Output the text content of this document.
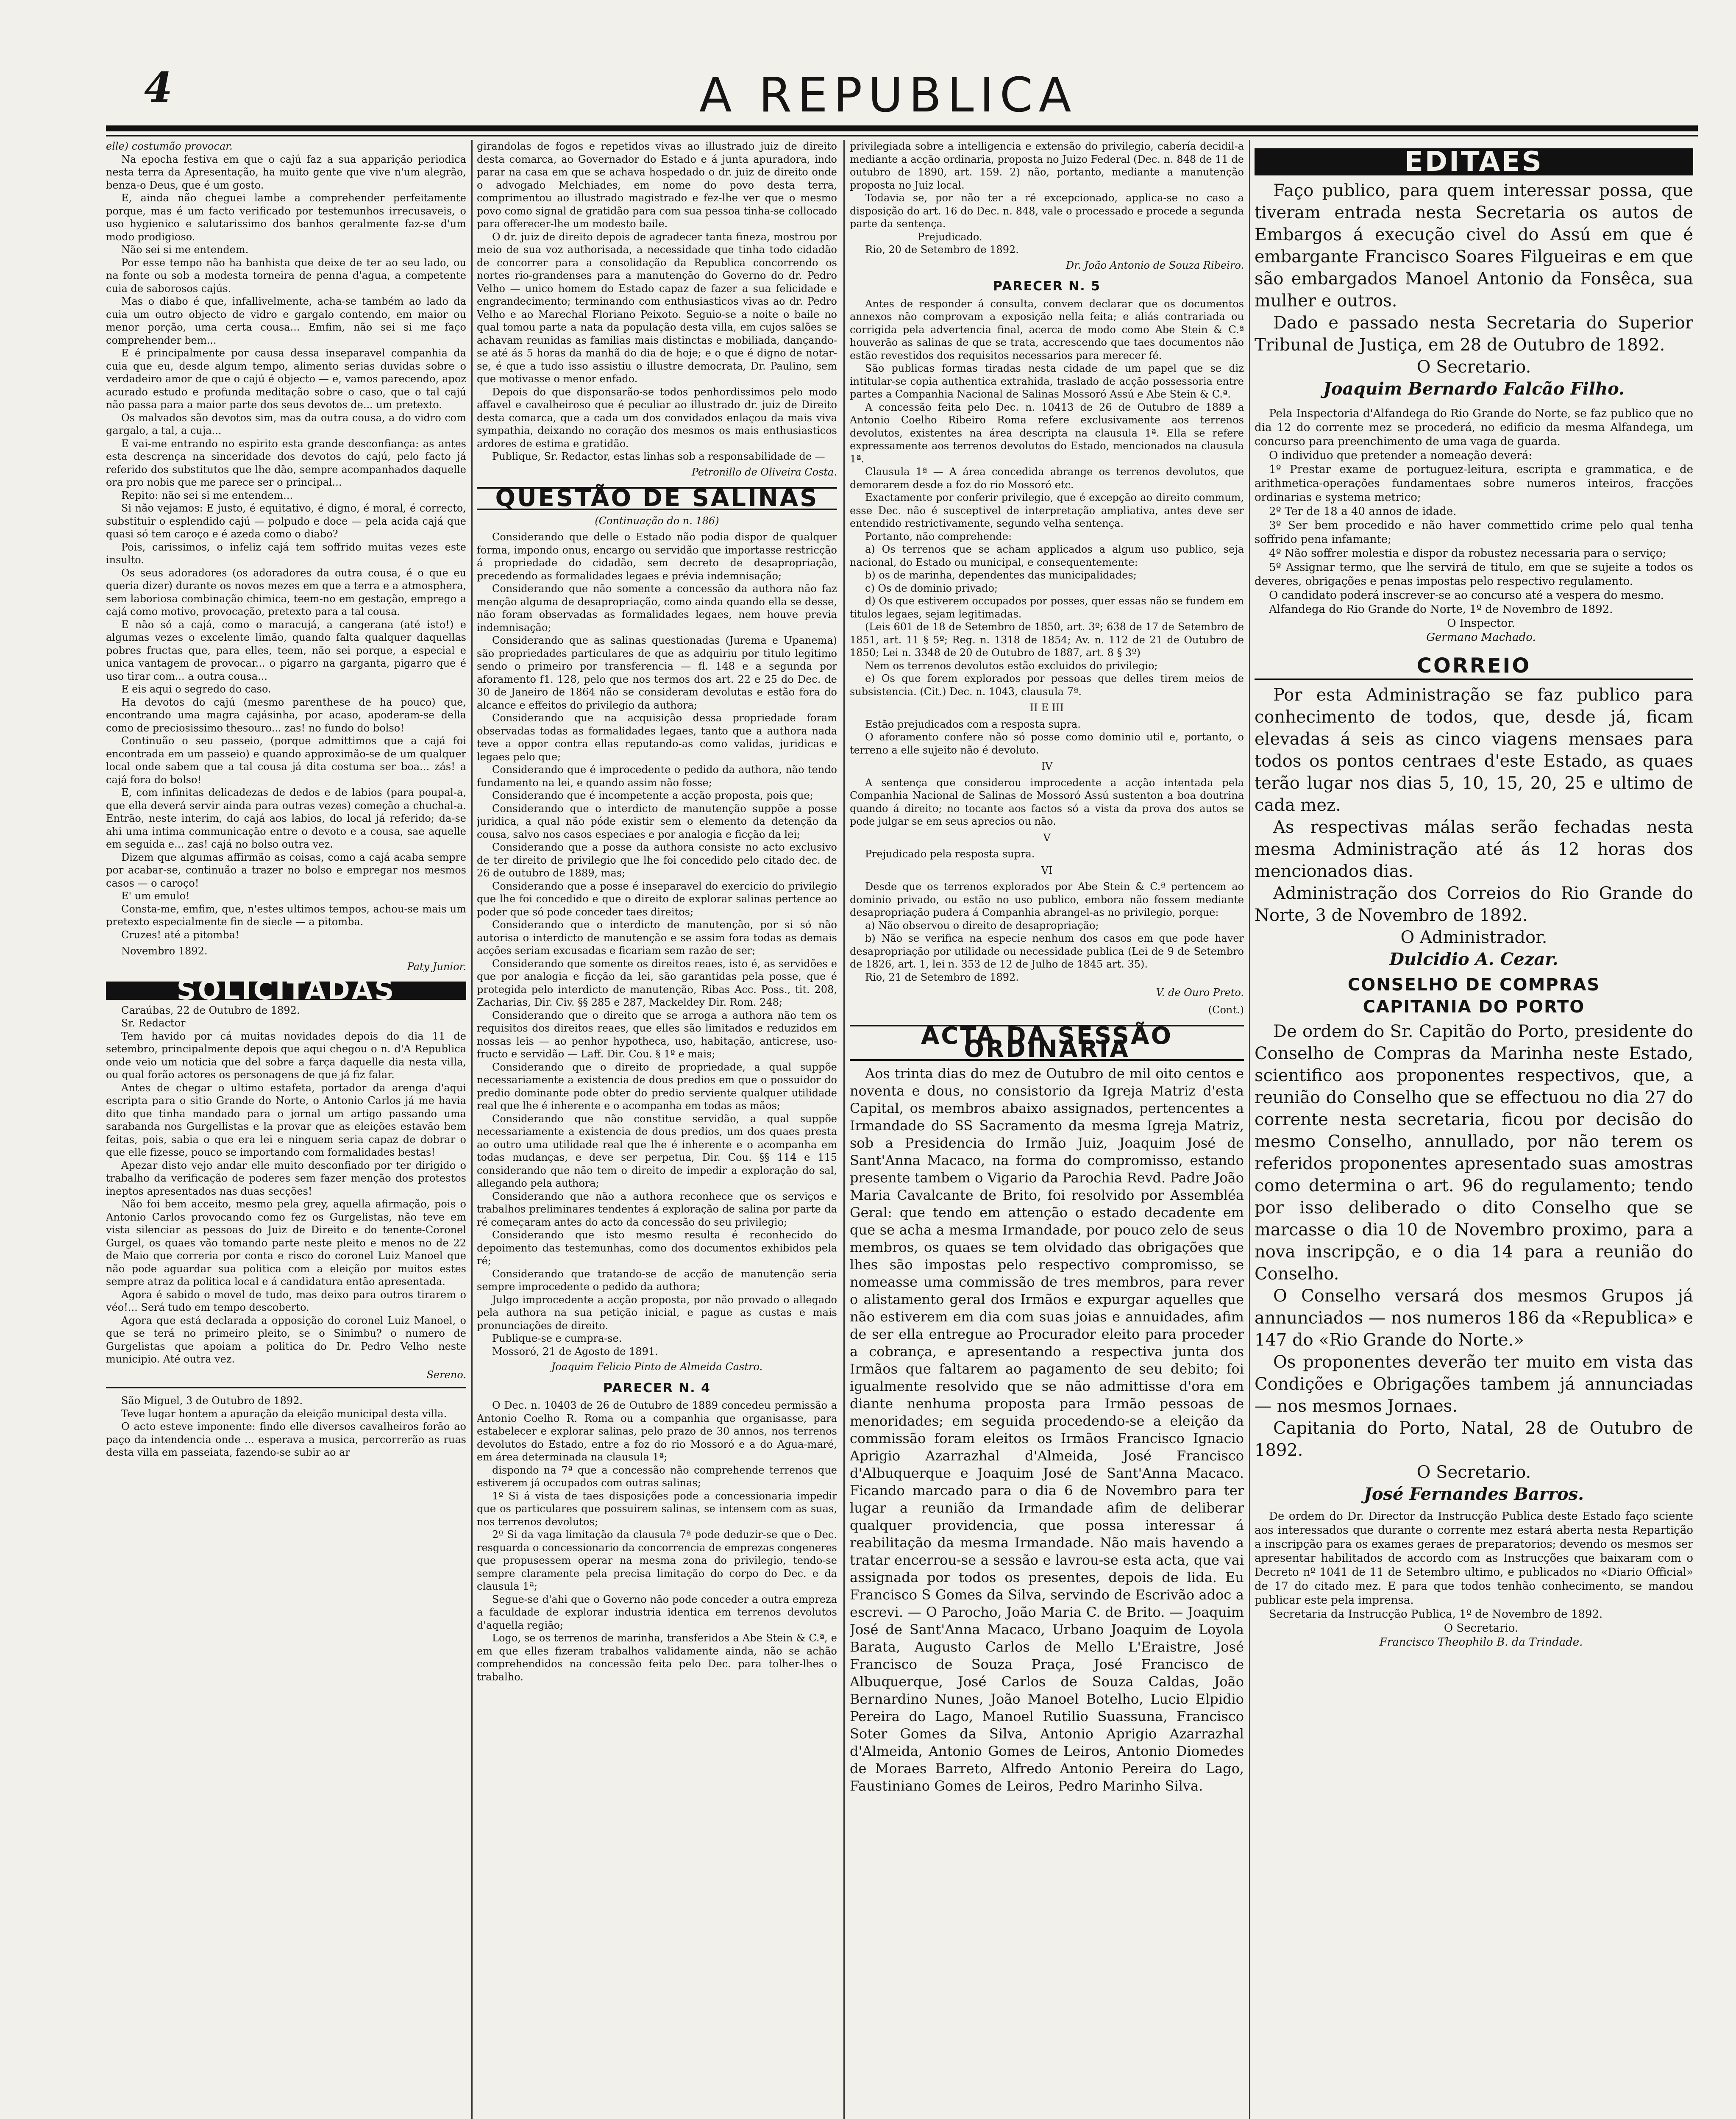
4	A REPUBLICA

elle) costumão provocar.

Na epocha festiva em que o cajú faz a sua apparição periodica nesta terra da Apresentação, ha muito gente que vive n'um alegrão, benza-o Deus, que é um gosto.

E, ainda não cheguei lambe a comprehender perfeitamente porque, mas é um facto verificado por testemunhos irrecusaveis, o uso hygienico e salutarissimo dos banhos geralmente faz-se d'um modo prodigioso.

Não sei si me entendem.

Por esse tempo não ha banhista que deixe de ter ao seu lado, ou na fonte ou sob a modesta torneira de penna d'agua, a competente cuia de saborosos cajús.

Mas o diabo é que, infallivelmente, acha-se também ao lado da cuia um outro objecto de vidro e gargalo contendo, em maior ou menor porção, uma certa cousa... Emfim, não sei si me faço comprehender bem...

E é principalmente por causa dessa inseparavel companhia da cuia que eu, desde algum tempo, alimento serias duvidas sobre o verdadeiro amor de que o cajú é objecto — e, vamos parecendo, apoz acurado estudo e profunda meditação sobre o caso, que o tal cajú não passa para a maior parte dos seus devotos de... um pretexto.

Os malvados são devotos sim, mas da outra cousa, a do vidro com gargalo, a tal, a cuja...

E vai-me entrando no espirito esta grande desconfiança: as antes esta descrença na sinceridade dos devotos do cajú, pelo facto já referido dos substitutos que lhe dão, sempre acompanhados daquelle ora pro nobis que me parece ser o principal...

Repito: não sei si me entendem...

Si não vejamos: E justo, é equitativo, é digno, é moral, é correcto, substituir o esplendido cajú — polpudo e doce — pela acida cajá que quasi só tem caroço e é azeda como o diabo?

Pois, carissimos, o infeliz cajá tem soffrido muitas vezes este insulto.

Os seus adoradores (os adoradores da outra cousa, é o que eu queria dizer) durante os novos mezes em que a terra e a atmosphera, sem laboriosa combinação chimica, teem-no em gestação, emprego a cajá como motivo, provocação, pretexto para a tal cousa.

E não só a cajá, como o maracujá, a cangerana (até isto!) e algumas vezes o excelente limão, quando falta qualquer daquellas pobres fructas que, para elles, teem, não sei porque, a especial e unica vantagem de provocar... o pigarro na garganta, pigarro que é uso tirar com... a outra cousa...

E eis aqui o segredo do caso.

Ha devotos do cajú (mesmo parenthese de ha pouco) que, encontrando uma magra cajásinha, por acaso, apoderam-se della como de preciosissimo thesouro... zas! no fundo do bolso!

Continuão o seu passeio, (porque admittimos que a cajá foi encontrada em um passeio) e quando approximão-se de um qualquer local onde sabem que a tal cousa já dita costuma ser boa... zás! a cajá fora do bolso!

E, com infinitas delicadezas de dedos e de labios (para poupal-a, que ella deverá servir ainda para outras vezes) começão a chuchal-a. Entrão, neste interim, do cajá aos labios, do local já referido; da-se ahi uma intima communicação entre o devoto e a cousa, sae aquelle em seguida e... zas! cajá no bolso outra vez.

Dizem que algumas affirmão as coisas, como a cajá acaba sempre por acabar-se, continuão a trazer no bolso e empregar nos mesmos casos — o caroço!

E' um emulo!

Consta-me, emfim, que, n'estes ultimos tempos, achou-se mais um pretexto especialmente fin de siecle — a pitomba.

Cruzes! até a pitomba!

Novembro 1892.

Paty Junior.
SOLICITADAS

Caraúbas, 22 de Outubro de 1892.

Sr. Redactor

Tem havido por cá muitas novidades depois do dia 11 de setembro, principalmente depois que aqui chegou o n. d'A Republica onde veio um noticia que del sobre a farça daquelle dia nesta villa, ou qual forão actores os personagens de que já fiz falar.

Antes de chegar o ultimo estafeta, portador da arenga d'aqui escripta para o sitio Grande do Norte, o Antonio Carlos já me havia dito que tinha mandado para o jornal um artigo passando uma sarabanda nos Gurgellistas e la provar que as eleições estavão bem feitas, pois, sabia o que era lei e ninguem seria capaz de dobrar o que elle fizesse, pouco se importando com formalidades bestas!

Apezar disto vejo andar elle muito desconfiado por ter dirigido o trabalho da verificação de poderes sem fazer menção dos protestos ineptos apresentados nas duas secções!

Não foi bem acceito, mesmo pela grey, aquella afirmação, pois o Antonio Carlos provocando como fez os Gurgelistas, não teve em vista silenciar as pessoas do Juiz de Direito e do tenente-Coronel Gurgel, os quaes vão tomando parte neste pleito e menos no de 22 de Maio que correria por conta e risco do coronel Luiz Manoel que não pode aguardar sua politica com a eleição por muitos estes sempre atraz da politica local e á candidatura então apresentada.

Agora é sabido o movel de tudo, mas deixo para outros tirarem o véo!... Será tudo em tempo descoberto.

Agora que está declarada a opposição do coronel Luiz Manoel, o que se terá no primeiro pleito, se o Sinimbu? o numero de Gurgelistas que apoiam a politica do Dr. Pedro Velho neste municipio. Até outra vez.

Sereno.

São Miguel, 3 de Outubro de 1892.

Teve lugar hontem a apuração da eleição municipal desta villa.

O acto esteve imponente: findo elle diversos cavalheiros forão ao paço da intendencia onde ... esperava a musica, percorrerão as ruas desta villa em passeiata, fazendo-se subir ao ar

girandolas de fogos e repetidos vivas ao illustrado juiz de direito desta comarca, ao Governador do Estado e á junta apuradora, indo parar na casa em que se achava hospedado o dr. juiz de direito onde o advogado Melchiades, em nome do povo desta terra, comprimentou ao illustrado magistrado e fez-lhe ver que o mesmo povo como signal de gratidão para com sua pessoa tinha-se collocado para offerecer-lhe um modesto baile.

O dr. juiz de direito depois de agradecer tanta fineza, mostrou por meio de sua voz authorisada, a necessidade que tinha todo cidadão de concorrer para a consolidação da Republica concorrendo os nortes rio-grandenses para a manutenção do Governo do dr. Pedro Velho — unico homem do Estado capaz de fazer a sua felicidade e engrandecimento; terminando com enthusiasticos vivas ao dr. Pedro Velho e ao Marechal Floriano Peixoto. Seguio-se a noite o baile no qual tomou parte a nata da população desta villa, em cujos salões se achavam reunidas as familias mais distinctas e mobiliada, dançando-se até ás 5 horas da manhã do dia de hoje; e o que é digno de notar-se, é que a tudo isso assistiu o illustre democrata, Dr. Paulino, sem que motivasse o menor enfado.

Depois do que disponsarão-se todos penhordissimos pelo modo affavel e cavalheiroso que é peculiar ao illustrado dr. juiz de Direito desta comarca, que a cada um dos convidados enlaçou da mais viva sympathia, deixando no coração dos mesmos os mais enthusiasticos ardores de estima e gratidão.

Publique, Sr. Redactor, estas linhas sob a responsabilidade de —

Petronillo de Oliveira Costa.
QUESTÃO DE SALINAS
(Continuação do n. 186)

Considerando que delle o Estado não podia dispor de qualquer forma, impondo onus, encargo ou servidão que importasse restricção á propriedade do cidadão, sem decreto de desapropriação, precedendo as formalidades legaes e prévia indemnisação;

Considerando que não somente a concessão da authora não faz menção alguma de desapropriação, como ainda quando ella se desse, não foram observadas as formalidades legaes, nem houve previa indemnisação;

Considerando que as salinas questionadas (Jurema e Upanema) são propriedades particulares de que as adquiriu por titulo legitimo sendo o primeiro por transferencia — fl. 148 e a segunda por aforamento f1. 128, pelo que nos termos dos art. 22 e 25 do Dec. de 30 de Janeiro de 1864 não se consideram devolutas e estão fora do alcance e effeitos do privilegio da authora;

Considerando que na acquisição dessa propriedade foram observadas todas as formalidades legaes, tanto que a authora nada teve a oppor contra ellas reputando-as como validas, juridicas e legaes pelo que;

Considerando que é improcedente o pedido da authora, não tendo fundamento na lei, e quando assim não fosse;

Considerando que é incompetente a acção proposta, pois que;

Considerando que o interdicto de manutenção suppõe a posse juridica, a qual não póde existir sem o elemento da detenção da cousa, salvo nos casos especiaes e por analogia e ficção da lei;

Considerando que a posse da authora consiste no acto exclusivo de ter direito de privilegio que lhe foi concedido pelo citado dec. de 26 de outubro de 1889, mas;

Considerando que a posse é inseparavel do exercicio do privilegio que lhe foi concedido e que o direito de explorar salinas pertence ao poder que só pode conceder taes direitos;

Considerando que o interdicto de manutenção, por si só não autorisa o interdicto de manutenção e se assim fora todas as demais acções seriam excusadas e ficariam sem razão de ser;

Considerando que somente os direitos reaes, isto é, as servidões e que por analogia e ficção da lei, são garantidas pela posse, que é protegida pelo interdicto de manutenção, Ribas Acc. Poss., tit. 208, Zacharias, Dir. Civ. §§ 285 e 287, Mackeldey Dir. Rom. 248;

Considerando que o direito que se arroga a authora não tem os requisitos dos direitos reaes, que elles são limitados e reduzidos em nossas leis — ao penhor hypotheca, uso, habitação, anticrese, uso-fructo e servidão — Laff. Dir. Cou. § 1º e mais;

Considerando que o direito de propriedade, a qual suppõe necessariamente a existencia de dous predios em que o possuidor do predio dominante pode obter do predio serviente qualquer utilidade real que lhe é inherente e o acompanha em todas as mãos;

Considerando que não constitue servidão, a qual suppõe necessariamente a existencia de dous predios, um dos quaes presta ao outro uma utilidade real que lhe é inherente e o acompanha em todas mudanças, e deve ser perpetua, Dir. Cou. §§ 114 e 115 considerando que não tem o direito de impedir a exploração do sal, allegando pela authora;

Considerando que não a authora reconhece que os serviços e trabalhos preliminares tendentes á exploração de salina por parte da ré começaram antes do acto da concessão do seu privilegio;

Considerando que isto mesmo resulta é reconhecido do depoimento das testemunhas, como dos documentos exhibidos pela ré;

Considerando que tratando-se de acção de manutenção seria sempre improcedente o pedido da authora;

Julgo improcedente a acção proposta, por não provado o allegado pela authora na sua petição inicial, e pague as custas e mais pronunciações de direito.

Publique-se e cumpra-se.

Mossoró, 21 de Agosto de 1891.

Joaquim Felicio Pinto de Almeida Castro.
PARECER N. 4

O Dec. n. 10403 de 26 de Outubro de 1889 concedeu permissão a Antonio Coelho R. Roma ou a companhia que organisasse, para estabelecer e explorar salinas, pelo prazo de 30 annos, nos terrenos devolutos do Estado, entre a foz do rio Mossoró e a do Agua-maré, em área determinada na clausula 1ª;

dispondo na 7ª que a concessão não comprehende terrenos que estiverem já occupados com outras salinas;

1º Si á vista de taes disposições pode a concessionaria impedir que os particulares que possuirem salinas, se intensem com as suas, nos terrenos devolutos;

2º Si da vaga limitação da clausula 7ª pode deduzir-se que o Dec. resguarda o concessionario da concorrencia de emprezas congeneres que propusessem operar na mesma zona do privilegio, tendo-se sempre claramente pela precisa limitação do corpo do Dec. e da clausula 1ª;

Segue-se d'ahi que o Governo não pode conceder a outra empreza a faculdade de explorar industria identica em terrenos devolutos d'aquella região;

Logo, se os terrenos de marinha, transferidos a Abe Stein & C.ª, e em que elles fizeram trabalhos validamente ainda, não se achão comprehendidos na concessão feita pelo Dec. para tolher-lhes o trabalho.

privilegiada sobre a intelligencia e extensão do privilegio, cabería decidil-a mediante a acção ordinaria, proposta no Juizo Federal (Dec. n. 848 de 11 de outubro de 1890, art. 159. 2) não, portanto, mediante a manutenção proposta no Juiz local.

Todavia se, por não ter a ré excepcionado, applica-se no caso a disposição do art. 16 do Dec. n. 848, vale o processado e procede a segunda parte da sentença.

Prejudicado.

Rio, 20 de Setembro de 1892.

Dr. João Antonio de Souza Ribeiro.
PARECER N. 5

Antes de responder á consulta, convem declarar que os documentos annexos não comprovam a exposição nella feita; e aliás contrariada ou corrigida pela advertencia final, acerca de modo como Abe Stein & C.ª houverão as salinas de que se trata, accrescendo que taes documentos não estão revestidos dos requisitos necessarios para merecer fé.

São publicas formas tiradas nesta cidade de um papel que se diz intitular-se copia authentica extrahida, traslado de acção possessoria entre partes a Companhia Nacional de Salinas Mossoró Assú e Abe Stein & C.ª.

A concessão feita pelo Dec. n. 10413 de 26 de Outubro de 1889 a Antonio Coelho Ribeiro Roma refere exclusivamente aos terrenos devolutos, existentes na área descripta na clausula 1ª. Ella se refere expressamente aos terrenos devolutos do Estado, mencionados na clausula 1ª.

Clausula 1ª — A área concedida abrange os terrenos devolutos, que demorarem desde a foz do rio Mossoró etc.

Exactamente por conferir privilegio, que é excepção ao direito commum, esse Dec. não é susceptivel de interpretação ampliativa, antes deve ser entendido restrictivamente, segundo velha sentença.

Portanto, não comprehende:

a) Os terrenos que se acham applicados a algum uso publico, seja nacional, do Estado ou municipal, e consequentemente:

b) os de marinha, dependentes das municipalidades;

c) Os de dominio privado;

d) Os que estiverem occupados por posses, quer essas não se fundem em titulos legaes, sejam legitimadas.

(Leis 601 de 18 de Setembro de 1850, art. 3º; 638 de 17 de Setembro de 1851, art. 11 § 5º; Reg. n. 1318 de 1854; Av. n. 112 de 21 de Outubro de 1850; Lei n. 3348 de 20 de Outubro de 1887, art. 8 § 3º)

Nem os terrenos devolutos estão excluidos do privilegio;

e) Os que forem explorados por pessoas que delles tirem meios de subsistencia. (Cit.) Dec. n. 1043, clausula 7ª.

II E III

Estão prejudicados com a resposta supra.

O aforamento confere não só posse como dominio util e, portanto, o terreno a elle sujeito não é devoluto.

IV

A sentença que considerou improcedente a acção intentada pela Companhia Nacional de Salinas de Mossoró Assú sustenton a boa doutrina quando á direito; no tocante aos factos só a vista da prova dos autos se pode julgar se em seus aprecios ou não.

V

Prejudicado pela resposta supra.

VI

Desde que os terrenos explorados por Abe Stein & C.ª pertencem ao dominio privado, ou estão no uso publico, embora não fossem mediante desapropriação pudera á Companhia abrangel-as no privilegio, porque:

a) Não observou o direito de desapropriação;

b) Não se verifica na especie nenhum dos casos em que pode haver desapropriação por utilidade ou necessidade publica (Lei de 9 de Setembro de 1826, art. 1, lei n. 353 de 12 de Julho de 1845 art. 35).

Rio, 21 de Setembro de 1892.

V. de Ouro Preto.
(Cont.)
ACTA DA SESSÃO ORDINARIA

Aos trinta dias do mez de Outubro de mil oito centos e noventa e dous, no consistorio da Igreja Matriz d'esta Capital, os membros abaixo assignados, pertencentes a Irmandade do SS Sacramento da mesma Igreja Matriz, sob a Presidencia do Irmão Juiz, Joaquim José de Sant'Anna Macaco, na forma do compromisso, estando presente tambem o Vigario da Parochia Revd. Padre João Maria Cavalcante de Brito, foi resolvido por Assembléa Geral: que tendo em attenção o estado decadente em que se acha a mesma Irmandade, por pouco zelo de seus membros, os quaes se tem olvidado das obrigações que lhes são impostas pelo respectivo compromisso, se nomeasse uma commissão de tres membros, para rever o alistamento geral dos Irmãos e expurgar aquelles que não estiverem em dia com suas joias e annuidades, afim de ser ella entregue ao Procurador eleito para proceder a cobrança, e apresentando a respectiva junta dos Irmãos que faltarem ao pagamento de seu debito; foi igualmente resolvido que se não admittisse d'ora em diante nenhuma proposta para Irmão pessoas de menoridades; em seguida procedendo-se a eleição da commissão foram eleitos os Irmãos Francisco Ignacio Aprigio Azarrazhal d'Almeida, José Francisco d'Albuquerque e Joaquim José de Sant'Anna Macaco. Ficando marcado para o dia 6 de Novembro para ter lugar a reunião da Irmandade afim de deliberar qualquer providencia, que possa interessar á reabilitação da mesma Irmandade. Não mais havendo a tratar encerrou-se a sessão e lavrou-se esta acta, que vai assignada por todos os presentes, depois de lida. Eu Francisco S Gomes da Silva, servindo de Escrivão adoc a escrevi. — O Parocho, João Maria C. de Brito. — Joaquim José de Sant'Anna Macaco, Urbano Joaquim de Loyola Barata, Augusto Carlos de Mello L'Eraistre, José Francisco de Souza Praça, José Francisco de Albuquerque, José Carlos de Souza Caldas, João Bernardino Nunes, João Manoel Botelho, Lucio Elpidio Pereira do Lago, Manoel Rutilio Suassuna, Francisco Soter Gomes da Silva, Antonio Aprigio Azarrazhal d'Almeida, Antonio Gomes de Leiros, Antonio Diomedes de Moraes Barreto, Alfredo Antonio Pereira do Lago, Faustiniano Gomes de Leiros, Pedro Marinho Silva.

EDITAES

Faço publico, para quem interessar possa, que tiveram entrada nesta Secretaria os autos de Embargos á execução civel do Assú em que é embargante Francisco Soares Filgueiras e em que são embargados Manoel Antonio da Fonsêca, sua mulher e outros.

Dado e passado nesta Secretaria do Superior Tribunal de Justiça, em 28 de Outubro de 1892.

O Secretario.

Joaquim Bernardo Falcão Filho.

Pela Inspectoria d'Alfandega do Rio Grande do Norte, se faz publico que no dia 12 do corrente mez se procederá, no edificio da mesma Alfandega, um concurso para preenchimento de uma vaga de guarda.

O individuo que pretender a nomeação deverá:

1º Prestar exame de portuguez-leitura, escripta e grammatica, e de arithmetica-operações fundamentaes sobre numeros inteiros, fracções ordinarias e systema metrico;

2º Ter de 18 a 40 annos de idade.

3º Ser bem procedido e não haver commettido crime pelo qual tenha soffrido pena infamante;

4º Não soffrer molestia e dispor da robustez necessaria para o serviço;

5º Assignar termo, que lhe servirá de titulo, em que se sujeite a todos os deveres, obrigações e penas impostas pelo respectivo regulamento.

O candidato poderá inscrever-se ao concurso até a vespera do mesmo.

Alfandega do Rio Grande do Norte, 1º de Novembro de 1892.

O Inspector.

Germano Machado.

CORREIO

Por esta Administração se faz publico para conhecimento de todos, que, desde já, ficam elevadas á seis as cinco viagens mensaes para todos os pontos centraes d'este Estado, as quaes terão lugar nos dias 5, 10, 15, 20, 25 e ultimo de cada mez.

As respectivas málas serão fechadas nesta mesma Administração até ás 12 horas dos mencionados dias.

Administração dos Correios do Rio Grande do Norte, 3 de Novembro de 1892.

O Administrador.

Dulcidio A. Cezar.

CONSELHO DE COMPRAS
CAPITANIA DO PORTO

De ordem do Sr. Capitão do Porto, presidente do Conselho de Compras da Marinha neste Estado, scientifico aos proponentes respectivos, que, a reunião do Conselho que se effectuou no dia 27 do corrente nesta secretaria, ficou por decisão do mesmo Conselho, annullado, por não terem os referidos proponentes apresentado suas amostras como determina o art. 96 do regulamento; tendo por isso deliberado o dito Conselho que se marcasse o dia 10 de Novembro proximo, para a nova inscripção, e o dia 14 para a reunião do Conselho.

O Conselho versará dos mesmos Grupos já annunciados — nos numeros 186 da «Republica» e 147 do «Rio Grande do Norte.»

Os proponentes deverão ter muito em vista das Condições e Obrigações tambem já annunciadas — nos mesmos Jornaes.

Capitania do Porto, Natal, 28 de Outubro de 1892.

O Secretario.

José Fernandes Barros.

De ordem do Dr. Director da Instrucção Publica deste Estado faço sciente aos interessados que durante o corrente mez estará aberta nesta Repartição a inscripção para os exames geraes de preparatorios; devendo os mesmos ser apresentar habilitados de accordo com as Instrucções que baixaram com o Decreto nº 1041 de 11 de Setembro ultimo, e publicados no «Diario Official» de 17 do citado mez. E para que todos tenhão conhecimento, se mandou publicar este pela imprensa.

Secretaria da Instrucção Publica, 1º de Novembro de 1892.

O Secretario.

Francisco Theophilo B. da Trindade.
